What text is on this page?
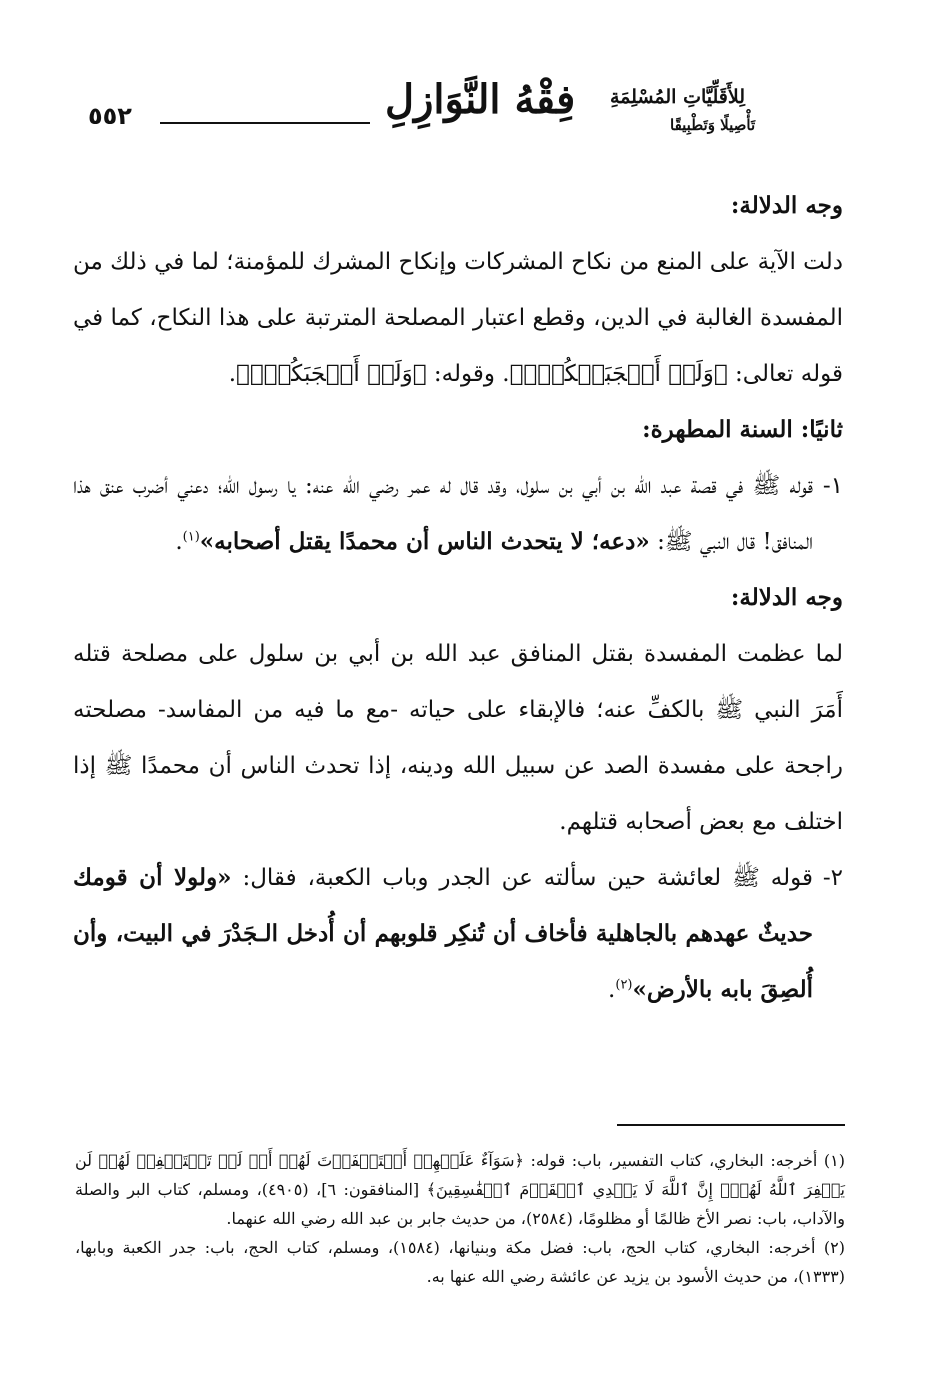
فِقْهُ النَّوَازِلِ لِلأَقَلِّيَّاتِ المُسْلِمَةِ
تَأْصِيلًا وَتَطْبِيقًا
٥٥٢

وجه الدلالة:

دلت الآية على المنع من نكاح المشركات وإنكاح المشرك للمؤمنة؛ لما في ذلك من المفسدة الغالبة في الدين، وقطع اعتبار المصلحة المترتبة على هذا النكاح، كما في قوله تعالى: ﴿وَلَوۡ أَعۡجَبَتۡكُمۡۗ﴾. وقوله: ﴿وَلَوۡ أَعۡجَبَكُمۡۗ﴾.

ثانيًا: السنة المطهرة:

١-
قوله ﷺ في قصة عبد الله بن أبي بن سلول، وقد قال له عمر رضي الله عنه: يا رسول الله؛ دعني أضرب عنق هذا المنافق! قال النبي ﷺ: «دعه؛ لا يتحدث الناس أن محمدًا يقتل أصحابه»$^{(١)}$.

وجه الدلالة:

لما عظمت المفسدة بقتل المنافق عبد الله بن أبي بن سلول على مصلحة قتله أَمَرَ النبي ﷺ بالكفِّ عنه؛ فالإبقاء على حياته -مع ما فيه من المفاسد- مصلحته راجحة على مفسدة الصد عن سبيل الله ودينه، إذا تحدث الناس أن محمدًا ﷺ إذا اختلف مع بعض أصحابه قتلهم.

٢-
قوله ﷺ لعائشة حين سألته عن الجدر وباب الكعبة، فقال: «ولولا أن قومك حديثٌ عهدهم بالجاهلية فأخاف أن تُنكِر قلوبهم أن أُدخل الـجَدْرَ في البيت، وأن أُلصِقَ بابه بالأرض»$^{(٢)}$.

(١) أخرجه: البخاري، كتاب التفسير، باب: قوله: ﴿سَوَآءٌ عَلَيۡهِمۡ أَسۡتَغۡفَرۡتَ لَهُمۡ أَمۡ لَمۡ تَسۡتَغۡفِرۡ لَهُمۡ لَن يَغۡفِرَ ٱللَّهُ لَهُمۡۚ إِنَّ ٱللَّهَ لَا يَهۡدِي ٱلۡقَوۡمَ ٱلۡفَٰسِقِينَ﴾ [المنافقون: ٦]، (٤٩٠٥)، ومسلم، كتاب البر والصلة والآداب، باب: نصر الأخ ظالمًا أو مظلومًا، (٢٥٨٤)، من حديث جابر بن عبد الله رضي الله عنهما.

(٢) أخرجه: البخاري، كتاب الحج، باب: فضل مكة وبنيانها، (١٥٨٤)، ومسلم، كتاب الحج، باب: جدر الكعبة وبابها، (١٣٣٣)، من حديث الأسود بن يزيد عن عائشة رضي الله عنها به.
